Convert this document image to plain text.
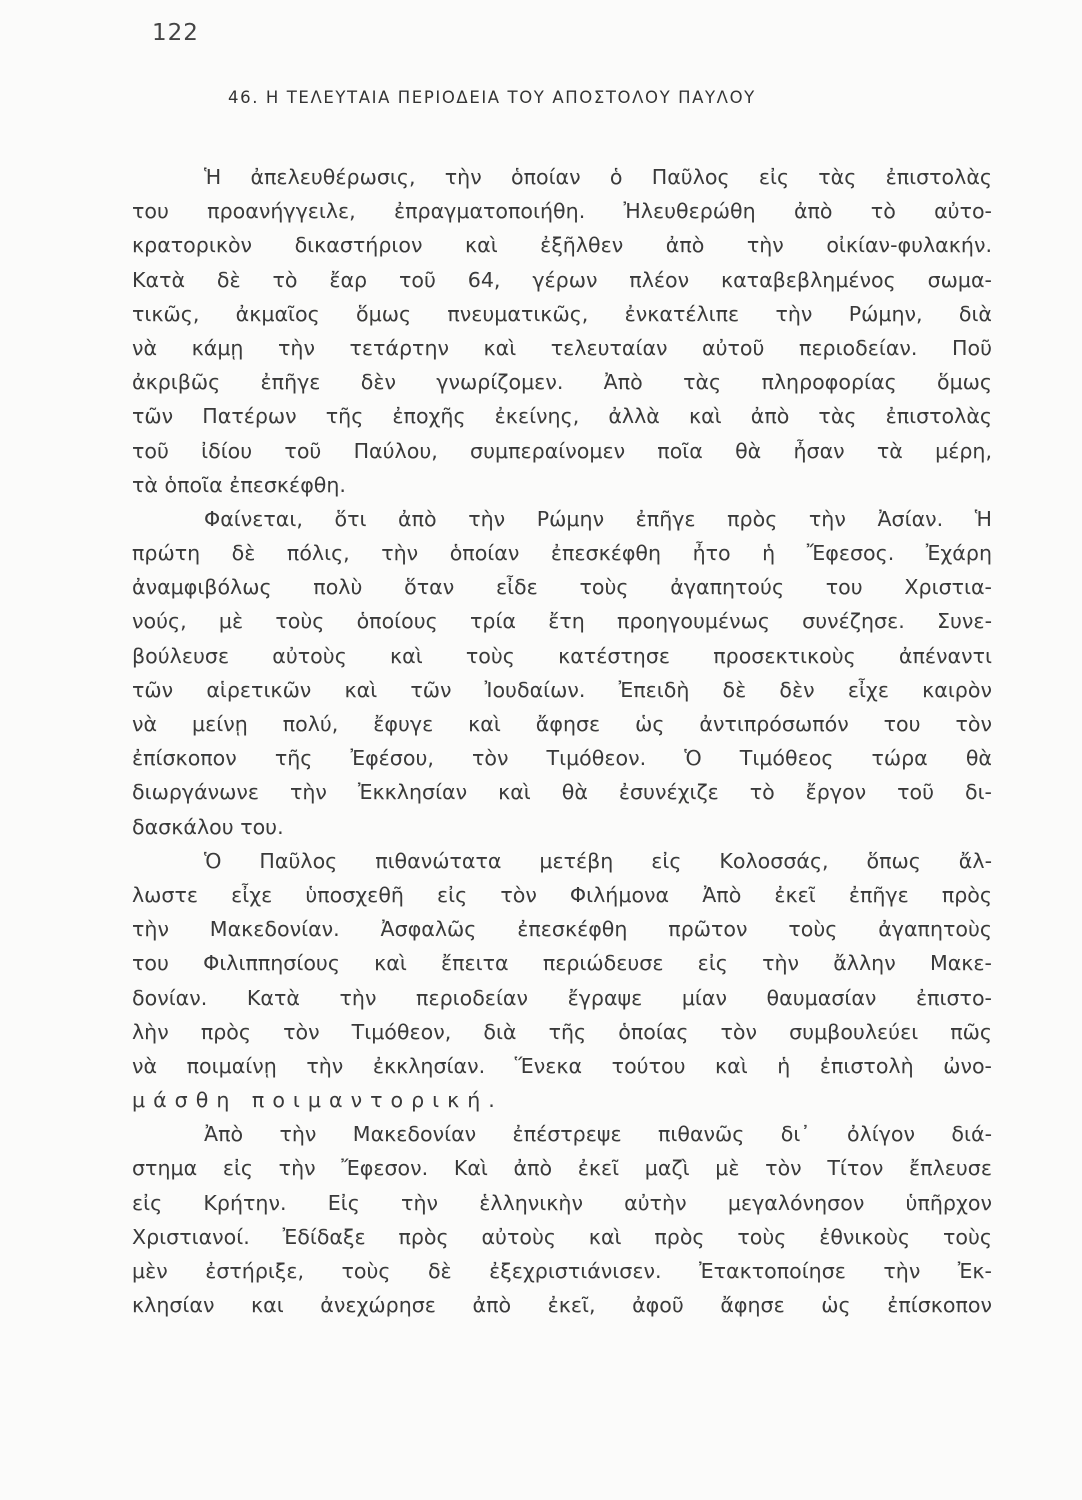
122
46. Η ΤΕΛΕΥΤΑΙΑ ΠΕΡΙΟΔΕΙΑ ΤΟΥ ΑΠΟΣΤΟΛΟΥ ΠΑΥΛΟΥ
Ἡ ἀπελευθέρωσις, τὴν ὁποίαν ὁ Παῦλος εἰς τὰς ἐπιστολὰς
του προανήγγειλε, ἐπραγματοποιήθη. Ἠλευθερώθη ἀπὸ τὸ αὐτο-
κρατορικὸν δικαστήριον καὶ ἐξῆλθεν ἀπὸ τὴν οἰκίαν-φυλακήν.
Κατὰ δὲ τὸ ἔαρ τοῦ 64, γέρων πλέον καταβεβλημένος σωμα-
τικῶς, ἀκμαῖος ὅμως πνευματικῶς, ἐνκατέλιπε τὴν Ρώμην, διὰ
νὰ κάμῃ τὴν τετάρτην καὶ τελευταίαν αὐτοῦ περιοδείαν. Ποῦ
ἀκριβῶς ἐπῆγε δὲν γνωρίζομεν. Ἀπὸ τὰς πληροφορίας ὅμως
τῶν Πατέρων τῆς ἐποχῆς ἐκείνης, ἀλλὰ καὶ ἀπὸ τὰς ἐπιστολὰς
τοῦ ἰδίου τοῦ Παύλου, συμπεραίνομεν ποῖα θὰ ἦσαν τὰ μέρη,
τὰ ὁποῖα ἐπεσκέφθη.
Φαίνεται, ὅτι ἀπὸ τὴν Ρώμην ἐπῆγε πρὸς τὴν Ἀσίαν. Ἡ
πρώτη δὲ πόλις, τὴν ὁποίαν ἐπεσκέφθη ἦτο ἡ Ἔφεσος. Ἐχάρη
ἀναμφιβόλως πολὺ ὅταν εἶδε τοὺς ἀγαπητούς του Χριστια-
νούς, μὲ τοὺς ὁποίους τρία ἔτη προηγουμένως συνέζησε. Συνε-
βούλευσε αὐτοὺς καὶ τοὺς κατέστησε προσεκτικοὺς ἀπέναντι
τῶν αἱρετικῶν καὶ τῶν Ἰουδαίων. Ἐπειδὴ δὲ δὲν εἶχε καιρὸν
νὰ μείνῃ πολύ, ἔφυγε καὶ ἄφησε ὡς ἀντιπρόσωπόν του τὸν
ἐπίσκοπον τῆς Ἐφέσου, τὸν Τιμόθεον. Ὁ Τιμόθεος τώρα θὰ
διωργάνωνε τὴν Ἐκκλησίαν καὶ θὰ ἐσυνέχιζε τὸ ἔργον τοῦ δι-
δασκάλου του.
Ὁ Παῦλος πιθανώτατα μετέβη εἰς Κολοσσάς, ὅπως ἄλ-
λωστε εἶχε ὑποσχεθῆ εἰς τὸν Φιλήμονα Ἀπὸ ἐκεῖ ἐπῆγε πρὸς
τὴν Μακεδονίαν. Ἀσφαλῶς ἐπεσκέφθη πρῶτον τοὺς ἀγαπητοὺς
του Φιλιππησίους καὶ ἔπειτα περιώδευσε εἰς τὴν ἄλλην Μακε-
δονίαν. Κατὰ τὴν περιοδείαν ἔγραψε μίαν θαυμασίαν ἐπιστο-
λὴν πρὸς τὸν Τιμόθεον, διὰ τῆς ὁποίας τὸν συμβουλεύει πῶς
νὰ ποιμαίνῃ τὴν ἐκκλησίαν. Ἕνεκα τούτου καὶ ἡ ἐπιστολὴ ὠνο-
μάσθη ποιμαντορική.
Ἀπὸ τὴν Μακεδονίαν ἐπέστρεψε πιθανῶς δι᾽ ὀλίγον διά-
στημα εἰς τὴν Ἔφεσον. Καὶ ἀπὸ ἐκεῖ μαζὶ μὲ τὸν Τίτον ἔπλευσε
εἰς Κρήτην. Εἰς τὴν ἑλληνικὴν αὐτὴν μεγαλόνησον ὑπῆρχον
Χριστιανοί. Ἐδίδαξε πρὸς αὐτοὺς καὶ πρὸς τοὺς ἐθνικοὺς τοὺς
μὲν ἐστήριξε, τοὺς δὲ ἐξεχριστιάνισεν. Ἐτακτοποίησε τὴν Ἐκ-
κλησίαν και ἀνεχώρησε ἀπὸ ἐκεῖ, ἀφοῦ ἄφησε ὡς ἐπίσκοπον
